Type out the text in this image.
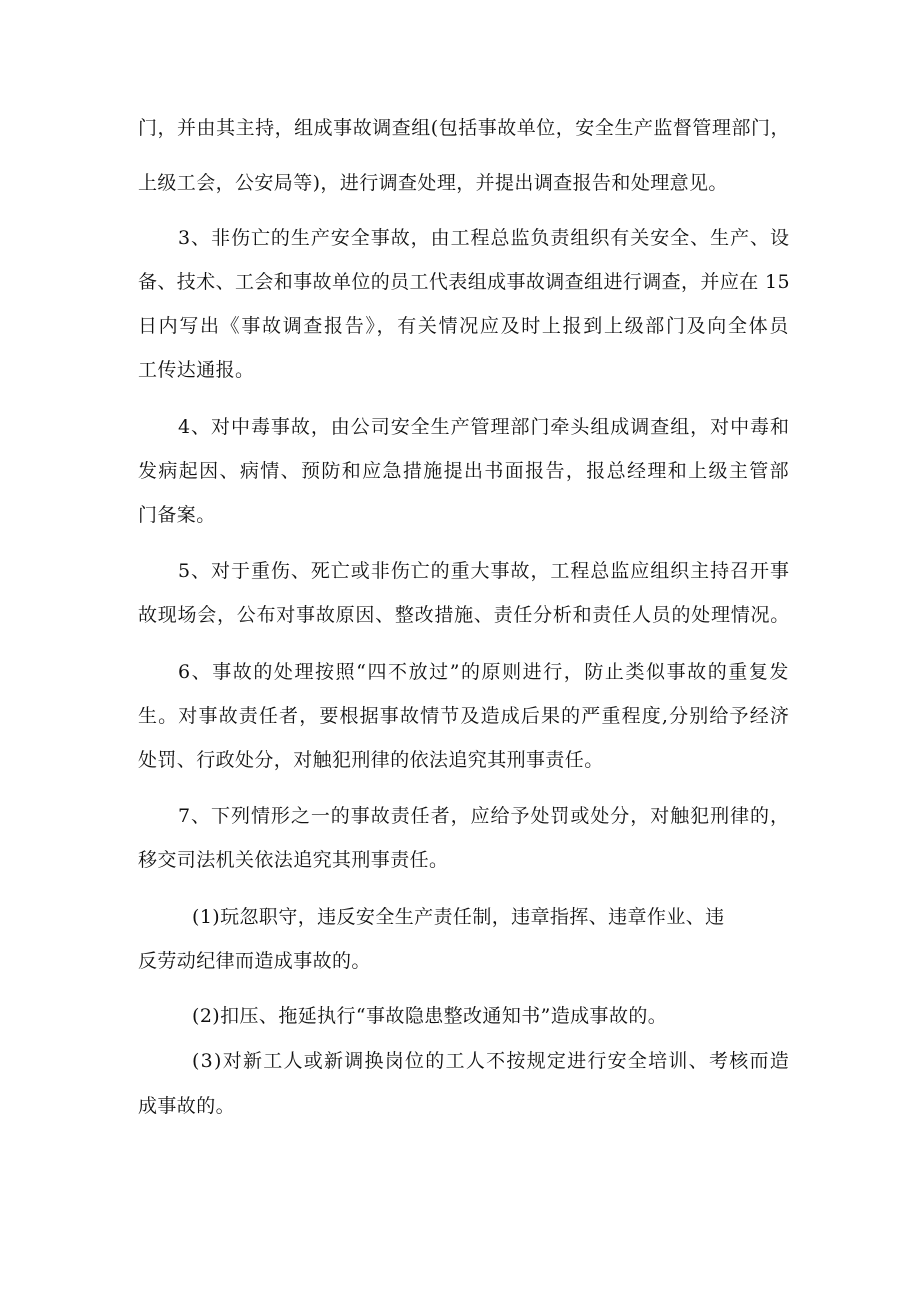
门，并由其主持，组成事故调查组(包括事故单位，安全生产监督管理部门，
上级工会，公安局等)，进行调查处理，并提出调查报告和处理意见。
3、非伤亡的生产安全事故，由工程总监负责组织有关安全、生产、设
备、技术、工会和事故单位的员工代表组成事故调查组进行调查，并应在 15
日内写出《事故调查报告》，有关情况应及时上报到上级部门及向全体员
工传达通报。
4、对中毒事故，由公司安全生产管理部门牵头组成调查组，对中毒和
发病起因、病情、预防和应急措施提出书面报告，报总经理和上级主管部
门备案。
5、对于重伤、死亡或非伤亡的重大事故，工程总监应组织主持召开事
故现场会，公布对事故原因、整改措施、责任分析和责任人员的处理情况。
6、事故的处理按照“四不放过”的原则进行，防止类似事故的重复发
生。对事故责任者，要根据事故情节及造成后果的严重程度,分别给予经济
处罚、行政处分，对触犯刑律的依法追究其刑事责任。
7、下列情形之一的事故责任者，应给予处罚或处分，对触犯刑律的，
移交司法机关依法追究其刑事责任。
(1)玩忽职守，违反安全生产责任制，违章指挥、违章作业、违
反劳动纪律而造成事故的。
(2)扣压、拖延执行“事故隐患整改通知书”造成事故的。
(3)对新工人或新调换岗位的工人不按规定进行安全培训、考核而造
成事故的。
